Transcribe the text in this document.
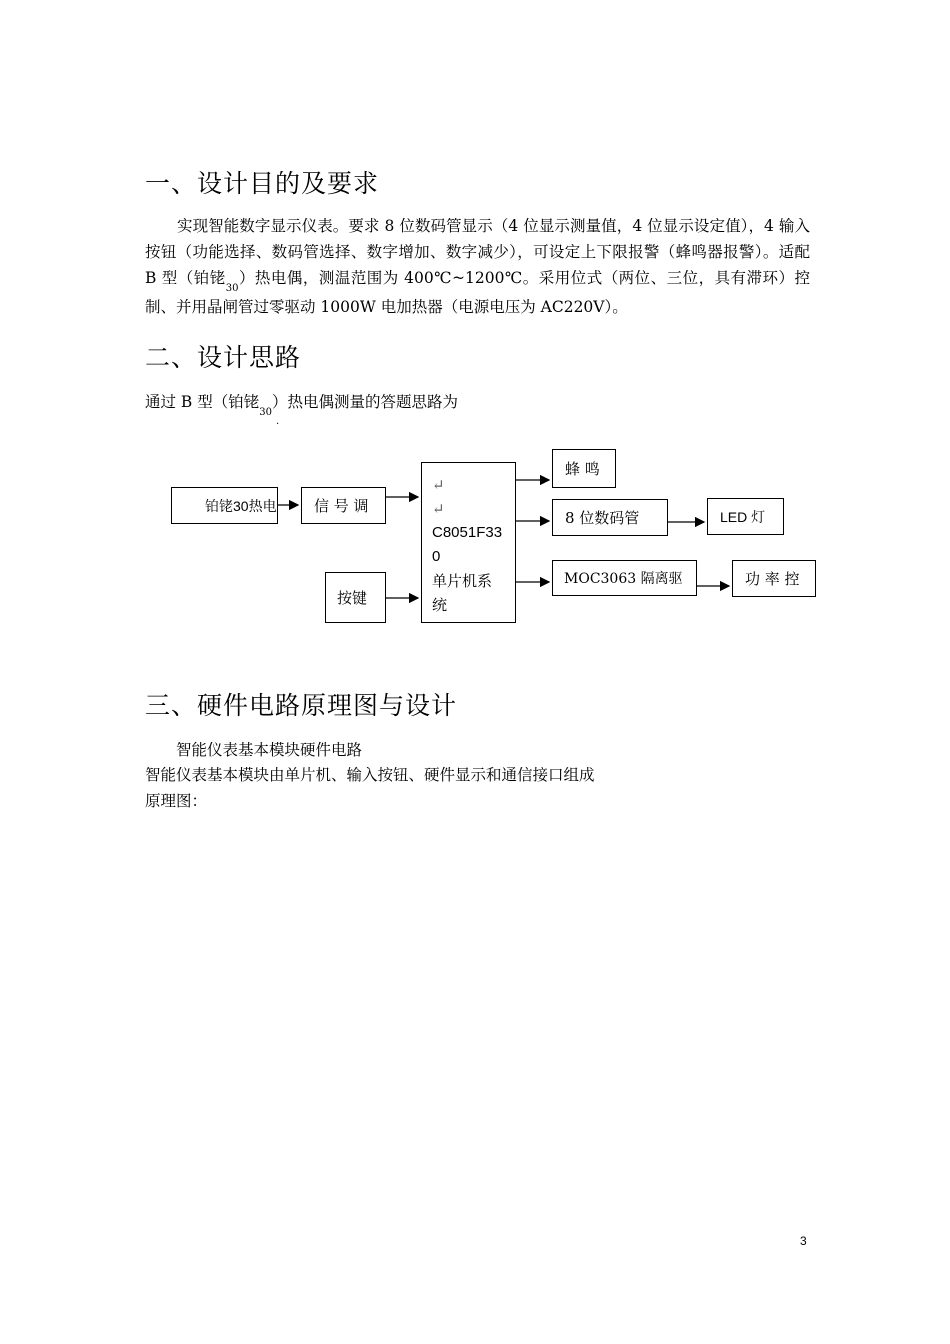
一、设计目的及要求

实现智能数字显示仪表。要求 8 位数码管显示（4 位显示测量值，4 位显示设定值），4 输入按钮（功能选择、数码管选择、数字增加、数字减少），可设定上下限报警（蜂鸣器报警）。适配 B 型（铂铑$_{30}$）热电偶，测温范围为 400℃~1200℃。采用位式（两位、三位，具有滞环）控制、并用晶闸管过零驱动 1000W 电加热器（电源电压为 AC220V）。

二、设计思路

通过 B 型（铂铑$_{30}$）热电偶测量的答题思路为

.
铂铑30热电 信 号 调
按键
↵
↵
C8051F33
0
单片机系
统
蜂 鸣
8 位数码管	LED 灯
MOC3063 隔离驱	功 率 控
三、硬件电路原理图与设计

智能仪表基本模块硬件电路

智能仪表基本模块由单片机、输入按钮、硬件显示和通信接口组成

原理图：

3
